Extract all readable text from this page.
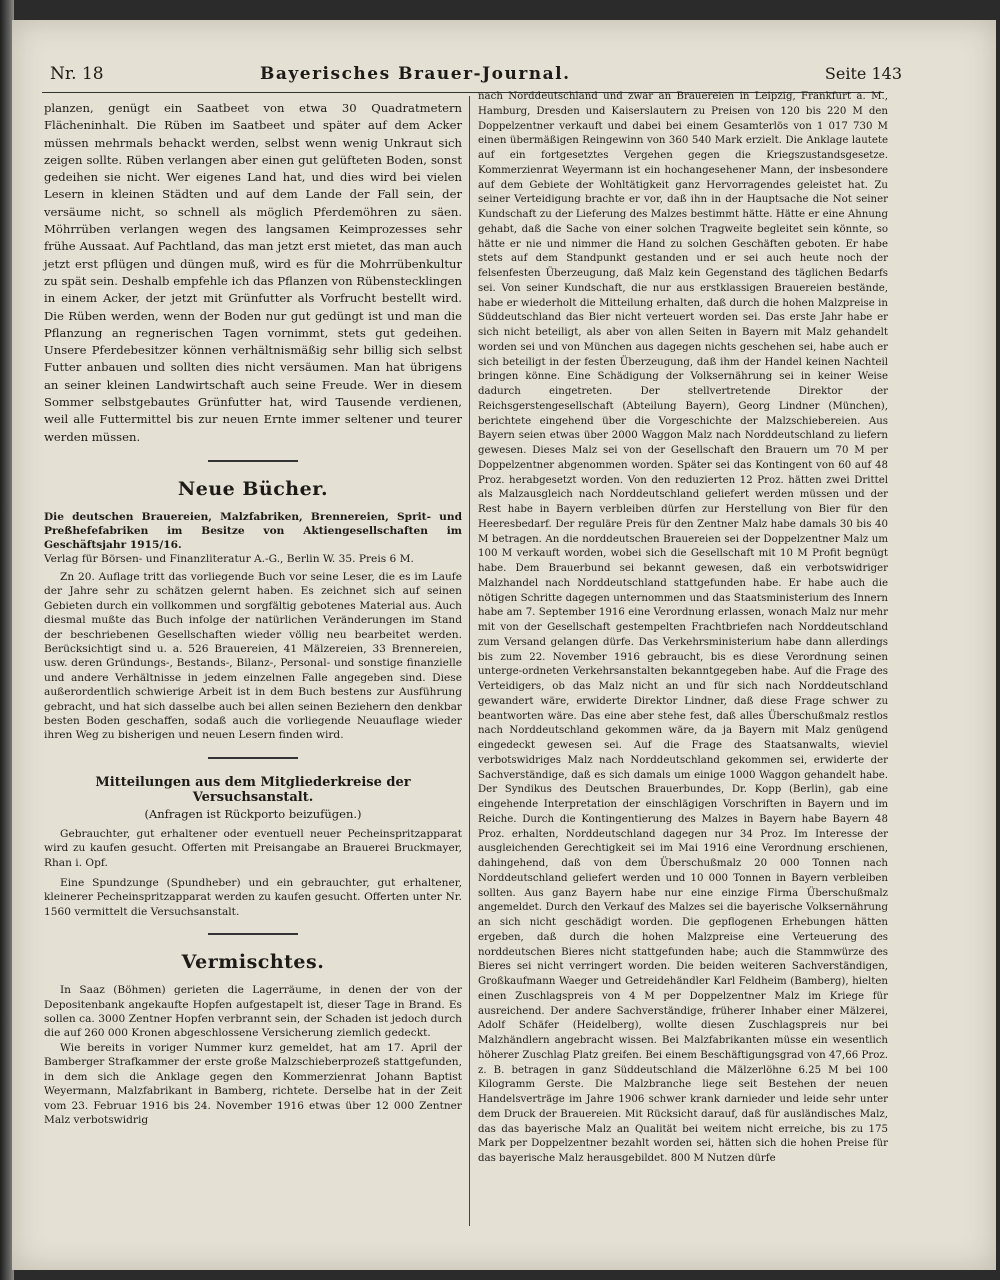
Nr. 18	Bayerisches Brauer-Journal.	Seite 143

planzen, genügt ein Saatbeet von etwa 30 Quadratmetern Flächeninhalt. Die Rüben im Saatbeet und später auf dem Acker müssen mehrmals behackt werden, selbst wenn wenig Unkraut sich zeigen sollte. Rüben verlangen aber einen gut gelüfteten Boden, sonst gedeihen sie nicht. Wer eigenes Land hat, und dies wird bei vielen Lesern in kleinen Städten und auf dem Lande der Fall sein, der versäume nicht, so schnell als möglich Pferdemöhren zu säen. Möhrrüben verlangen wegen des langsamen Keimprozesses sehr frühe Aussaat. Auf Pachtland, das man jetzt erst mietet, das man auch jetzt erst pflügen und düngen muß, wird es für die Mohrrübenkultur zu spät sein. Deshalb empfehle ich das Pflanzen von Rübenstecklingen in einem Acker, der jetzt mit Grünfutter als Vorfrucht bestellt wird. Die Rüben werden, wenn der Boden nur gut gedüngt ist und man die Pflanzung an regnerischen Tagen vornimmt, stets gut gedeihen. Unsere Pferdebesitzer können verhältnismäßig sehr billig sich selbst Futter anbauen und sollten dies nicht versäumen. Man hat übrigens an seiner kleinen Landwirtschaft auch seine Freude. Wer in diesem Sommer selbstgebautes Grünfutter hat, wird Tausende verdienen, weil alle Futtermittel bis zur neuen Ernte immer seltener und teurer werden müssen.

Neue Bücher.

Die deutschen Brauereien, Malzfabriken, Brennereien, Sprit- und Preßhefefabriken im Besitze von Aktiengesellschaften im Geschäftsjahr 1915/16.

Verlag für Börsen- und Finanzliteratur A.-G., Berlin W. 35. Preis 6 M.

Zn 20. Auflage tritt das vorliegende Buch vor seine Leser, die es im Laufe der Jahre sehr zu schätzen gelernt haben. Es zeichnet sich auf seinen Gebieten durch ein vollkommen und sorgfältig gebotenes Material aus. Auch diesmal mußte das Buch infolge der natürlichen Veränderungen im Stand der beschriebenen Gesellschaften wieder völlig neu bearbeitet werden. Berücksichtigt sind u. a. 526 Brauereien, 41 Mälzereien, 33 Brennereien, usw. deren Gründungs-, Bestands-, Bilanz-, Personal- und sonstige finanzielle und andere Verhältnisse in jedem einzelnen Falle angegeben sind. Diese außerordentlich schwierige Arbeit ist in dem Buch bestens zur Ausführung gebracht, und hat sich dasselbe auch bei allen seinen Beziehern den denkbar besten Boden geschaffen, sodaß auch die vorliegende Neuauflage wieder ihren Weg zu bisherigen und neuen Lesern finden wird.

Mitteilungen aus dem Mitgliederkreise der Versuchsanstalt.
(Anfragen ist Rückporto beizufügen.)

Gebrauchter, gut erhaltener oder eventuell neuer Pecheinspritzapparat wird zu kaufen gesucht. Offerten mit Preisangabe an Brauerei Bruckmayer, Rhan i. Opf.

Eine Spundzunge (Spundheber) und ein gebrauchter, gut erhaltener, kleinerer Pecheinspritzapparat werden zu kaufen gesucht. Offerten unter Nr. 1560 vermittelt die Versuchsanstalt.

Vermischtes.

In Saaz (Böhmen) gerieten die Lagerräume, in denen der von der Depositenbank angekaufte Hopfen aufgestapelt ist, dieser Tage in Brand. Es sollen ca. 3000 Zentner Hopfen verbrannt sein, der Schaden ist jedoch durch die auf 260 000 Kronen abgeschlossene Versicherung ziemlich gedeckt.

Wie bereits in voriger Nummer kurz gemeldet, hat am 17. April der Bamberger Strafkammer der erste große Malzschieberprozeß stattgefunden, in dem sich die Anklage gegen den Kommerzienrat Johann Baptist Weyermann, Malzfabrikant in Bamberg, richtete. Derselbe hat in der Zeit vom 23. Februar 1916 bis 24. November 1916 etwas über 12 000 Zentner Malz verbotswidrig

nach Norddeutschland und zwar an Brauereien in Leipzig, Frankfurt a. M., Hamburg, Dresden und Kaiserslautern zu Preisen von 120 bis 220 M den Doppelzentner verkauft und dabei bei einem Gesamterlös von 1 017 730 M einen übermäßigen Reingewinn von 360 540 Mark erzielt. Die Anklage lautete auf ein fortgesetztes Vergehen gegen die Kriegszustandsgesetze. Kommerzienrat Weyermann ist ein hochangesehener Mann, der insbesondere auf dem Gebiete der Wohltätigkeit ganz Hervorragendes geleistet hat. Zu seiner Verteidigung brachte er vor, daß ihn in der Hauptsache die Not seiner Kundschaft zu der Lieferung des Malzes bestimmt hätte. Hätte er eine Ahnung gehabt, daß die Sache von einer solchen Tragweite begleitet sein könnte, so hätte er nie und nimmer die Hand zu solchen Geschäften geboten. Er habe stets auf dem Standpunkt gestanden und er sei auch heute noch der felsenfesten Überzeugung, daß Malz kein Gegenstand des täglichen Bedarfs sei. Von seiner Kundschaft, die nur aus erstklassigen Brauereien bestände, habe er wiederholt die Mitteilung erhalten, daß durch die hohen Malzpreise in Süddeutschland das Bier nicht verteuert worden sei. Das erste Jahr habe er sich nicht beteiligt, als aber von allen Seiten in Bayern mit Malz gehandelt worden sei und von München aus dagegen nichts geschehen sei, habe auch er sich beteiligt in der festen Überzeugung, daß ihm der Handel keinen Nachteil bringen könne. Eine Schädigung der Volksernährung sei in keiner Weise dadurch eingetreten. Der stellvertretende Direktor der Reichsgerstengesellschaft (Abteilung Bayern), Georg Lindner (München), berichtete eingehend über die Vorgeschichte der Malzschiebereien. Aus Bayern seien etwas über 2000 Waggon Malz nach Norddeutschland zu liefern gewesen. Dieses Malz sei von der Gesellschaft den Brauern um 70 M per Doppelzentner abgenommen worden. Später sei das Kontingent von 60 auf 48 Proz. herabgesetzt worden. Von den reduzierten 12 Proz. hätten zwei Drittel als Malzausgleich nach Norddeutschland geliefert werden müssen und der Rest habe in Bayern verbleiben dürfen zur Herstellung von Bier für den Heeresbedarf. Der reguläre Preis für den Zentner Malz habe damals 30 bis 40 M betragen. An die norddeutschen Brauereien sei der Doppelzentner Malz um 100 M verkauft worden, wobei sich die Gesellschaft mit 10 M Profit begnügt habe. Dem Brauerbund sei bekannt gewesen, daß ein verbotswidriger Malzhandel nach Norddeutschland stattgefunden habe. Er habe auch die nötigen Schritte dagegen unternommen und das Staatsministerium des Innern habe am 7. September 1916 eine Verordnung erlassen, wonach Malz nur mehr mit von der Gesellschaft gestempelten Frachtbriefen nach Norddeutschland zum Versand gelangen dürfe. Das Verkehrsministerium habe dann allerdings bis zum 22. November 1916 gebraucht, bis es diese Verordnung seinen unterge-ordneten Verkehrsanstalten bekanntgegeben habe. Auf die Frage des Verteidigers, ob das Malz nicht an und für sich nach Norddeutschland gewandert wäre, erwiderte Direktor Lindner, daß diese Frage schwer zu beantworten wäre. Das eine aber stehe fest, daß alles Überschußmalz restlos nach Norddeutschland gekommen wäre, da ja Bayern mit Malz genügend eingedeckt gewesen sei. Auf die Frage des Staatsanwalts, wieviel verbotswidriges Malz nach Norddeutschland gekommen sei, erwiderte der Sachverständige, daß es sich damals um einige 1000 Waggon gehandelt habe. Der Syndikus des Deutschen Brauerbundes, Dr. Kopp (Berlin), gab eine eingehende Interpretation der einschlägigen Vorschriften in Bayern und im Reiche. Durch die Kontingentierung des Malzes in Bayern habe Bayern 48 Proz. erhalten, Norddeutschland dagegen nur 34 Proz. Im Interesse der ausgleichenden Gerechtigkeit sei im Mai 1916 eine Verordnung erschienen, dahingehend, daß von dem Überschußmalz 20 000 Tonnen nach Norddeutschland geliefert werden und 10 000 Tonnen in Bayern verbleiben sollten. Aus ganz Bayern habe nur eine einzige Firma Überschußmalz angemeldet. Durch den Verkauf des Malzes sei die bayerische Volksernährung an sich nicht geschädigt worden. Die gepflogenen Erhebungen hätten ergeben, daß durch die hohen Malzpreise eine Verteuerung des norddeutschen Bieres nicht stattgefunden habe; auch die Stammwürze des Bieres sei nicht verringert worden. Die beiden weiteren Sachverständigen, Großkaufmann Waeger und Getreidehändler Karl Feldheim (Bamberg), hielten einen Zuschlagspreis von 4 M per Doppelzentner Malz im Kriege für ausreichend. Der andere Sachverständige, früherer Inhaber einer Mälzerei, Adolf Schäfer (Heidelberg), wollte diesen Zuschlagspreis nur bei Malzhändlern angebracht wissen. Bei Malzfabrikanten müsse ein wesentlich höherer Zuschlag Platz greifen. Bei einem Beschäftigungsgrad von 47,66 Proz. z. B. betragen in ganz Süddeutschland die Mälzerlöhne 6.25 M bei 100 Kilogramm Gerste. Die Malzbranche liege seit Bestehen der neuen Handelsverträge im Jahre 1906 schwer krank darnieder und leide sehr unter dem Druck der Brauereien. Mit Rücksicht darauf, daß für ausländisches Malz, das das bayerische Malz an Qualität bei weitem nicht erreiche, bis zu 175 Mark per Doppelzentner bezahlt worden sei, hätten sich die hohen Preise für das bayerische Malz herausgebildet. 800 M Nutzen dürfe
